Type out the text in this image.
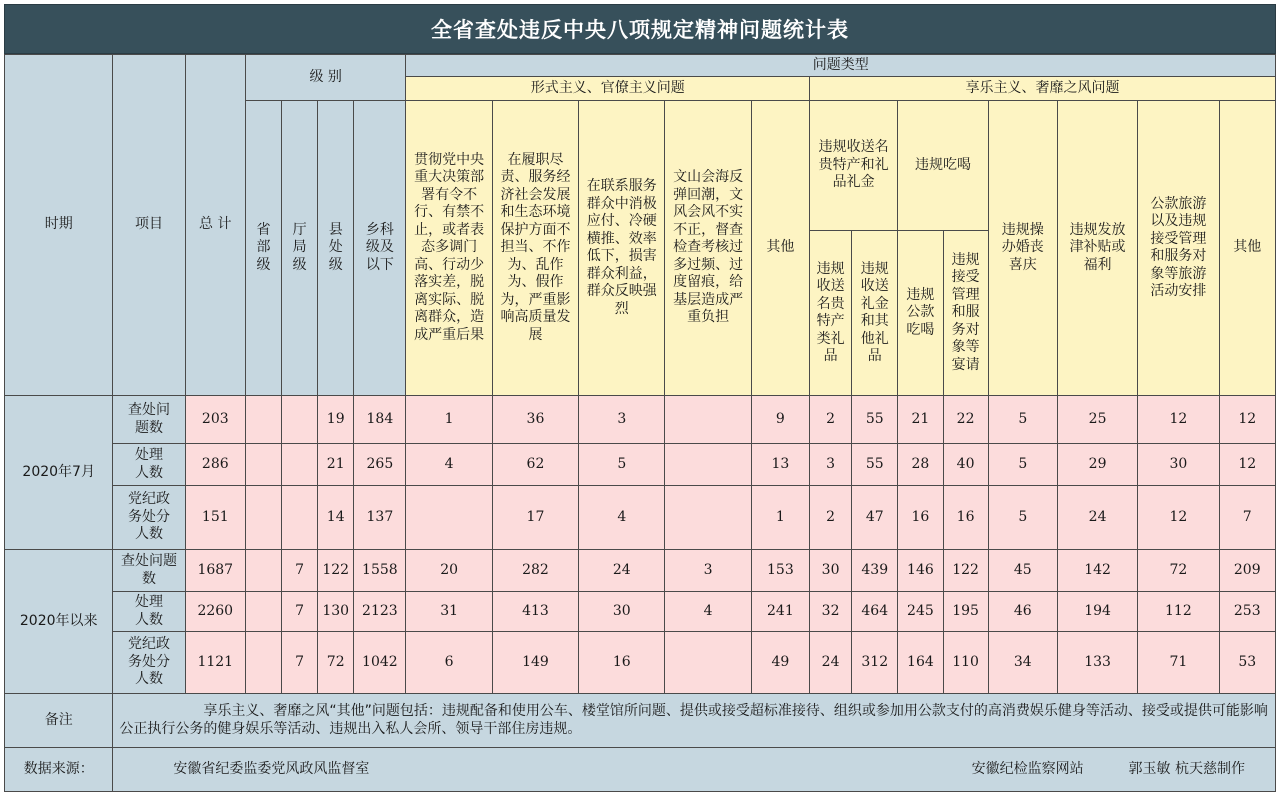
全省查处违反中央八项规定精神问题统计表
时期	项目	总 计	级 别				问题类型												
							形式主义、官僚主义问题					享乐主义、奢靡之风问题							
			省部级	厅局级	县处级	乡科级及以下	贯彻党中央重大决策部署有令不行、有禁不止，或者表态多调门高、行动少落实差，脱离实际、脱离群众，造成严重后果	在履职尽责、服务经济社会发展和生态环境保护方面不担当、不作为、乱作为、假作为，严重影响高质量发展	在联系服务群众中消极应付、冷硬横推、效率低下，损害群众利益，群众反映强烈	文山会海反弹回潮，文风会风不实不正，督查检查考核过多过频、过度留痕，给基层造成严重负担	其他	违规收送名贵特产和礼品礼金		违规吃喝		违规操办婚丧喜庆	违规发放津补贴或福利	公款旅游以及违规接受管理和服务对象等旅游活动安排	其他
												违规收送名贵特产类礼品	违规收送礼金和其他礼品	违规公款吃喝	违规接受管理和服务对象等宴请				
2020年7月	查处问题数	203			19	184	1	36	3		9	2	55	21	22	5	25	12	12
	处理人数	286			21	265	4	62	5		13	3	55	28	40	5	29	30	12
	党纪政务处分人数	151			14	137		17	4		1	2	47	16	16	5	24	12	7
2020年以来	查处问题数	1687		7	122	1558	20	282	24	3	153	30	439	146	122	45	142	72	209
	处理人数	2260		7	130	2123	31	413	30	4	241	32	464	245	195	46	194	112	253
	党纪政务处分人数	1121		7	72	1042	6	149	16		49	24	312	164	110	34	133	71	53
备注	享乐主义、奢靡之风“其他”问题包括：违规配备和使用公车、楼堂馆所问题、提供或接受超标准接待、组织或参加用公款支付的高消费娱乐健身等活动、接受或提供可能影响公正执行公务的健身娱乐等活动、违规出入私人会所、领导干部住房违规。																		

数据来源：	安徽省纪委监委党风政风监督室 安徽纪检监察网站 郭玉敏 杭天慈制作																		
